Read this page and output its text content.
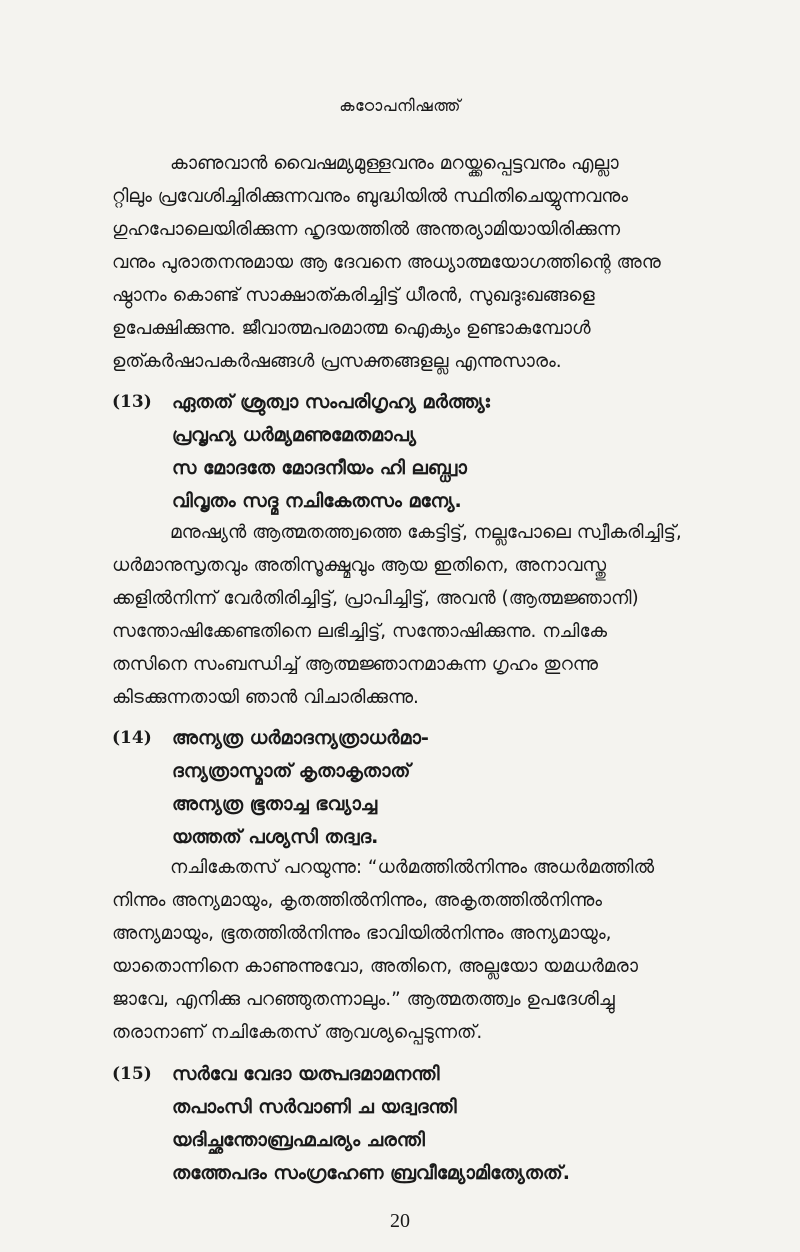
കഠോപനിഷത്ത്
കാണുവാൻ വൈഷമ്യമുള്ളവനും മറയ്ക്കപ്പെട്ടവനും എല്ലാ
റ്റിലും പ്രവേശിച്ചിരിക്കുന്നവനും ബുദ്ധിയിൽ സ്ഥിതിചെയ്യുന്നവനും
ഗുഹപോലെയിരിക്കുന്ന ഹൃദയത്തിൽ അന്തര്യാമിയായിരിക്കുന്ന
വനും പുരാതനനുമായ ആ ദേവനെ അധ്യാത്മയോഗത്തിന്റെ അനു
ഷ്ഠാനം കൊണ്ട് സാക്ഷാത്കരിച്ചിട്ട് ധീരൻ, സുഖദുഃഖങ്ങളെ
ഉപേക്ഷിക്കുന്നു. ജീവാത്മപരമാത്മ ഐക്യം ഉണ്ടാകുമ്പോൾ
ഉത്കർഷാപകർഷങ്ങൾ പ്രസക്തങ്ങളല്ല എന്നുസാരം.
(13)	ഏതത് ശ്രുത്വാ സംപരിഗൃഹ്യ മർത്ത്യഃ
പ്രവൃഹ്യ ധർമ്യമണുമേതമാപ്യ
സ മോദതേ മോദനീയം ഹി ലബ്ധ്വാ
വിവൃതം സദ്മ നചികേതസം മന്യേ.
മനുഷ്യൻ ആത്മതത്ത്വത്തെ കേട്ടിട്ട്, നല്ലപോലെ സ്വീകരിച്ചിട്ട്,
ധർമാനുസൃതവും അതിസൂക്ഷ്മവും ആയ ഇതിനെ, അനാവസ്തു
ക്കളിൽനിന്ന് വേർതിരിച്ചിട്ട്, പ്രാപിച്ചിട്ട്, അവൻ (ആത്മജ്ഞാനി)
സന്തോഷിക്കേണ്ടതിനെ ലഭിച്ചിട്ട്, സന്തോഷിക്കുന്നു. നചികേ
തസിനെ സംബന്ധിച്ച് ആത്മജ്ഞാനമാകുന്ന ഗൃഹം തുറന്നു
കിടക്കുന്നതായി ഞാൻ വിചാരിക്കുന്നു.
(14)	അന്യത്ര ധർമാദന്യത്രാധർമാ-
ദന്യത്രാസ്മാത് കൃതാകൃതാത്
അന്യത്ര ഭൂതാച്ച ഭവ്യാച്ച
യത്തത് പശ്യസി തദ്വദ.
നചികേതസ് പറയുന്നു: “ധർമത്തിൽനിന്നും അധർമത്തിൽ
നിന്നും അന്യമായും, കൃതത്തിൽനിന്നും, അകൃതത്തിൽനിന്നും
അന്യമായും, ഭൂതത്തിൽനിന്നും ഭാവിയിൽനിന്നും അന്യമായും,
യാതൊന്നിനെ കാണുന്നുവോ, അതിനെ, അല്ലയോ യമധർമരാ
ജാവേ, എനിക്കു പറഞ്ഞുതന്നാലും.” ആത്മതത്ത്വം ഉപദേശിച്ചു
തരാനാണ് നചികേതസ് ആവശ്യപ്പെടുന്നത്.
(15)	സർവേ വേദാ യത്പദമാമനന്തി
തപാംസി സർവാണി ച യദ്വദന്തി
യദിച്ഛന്തോബ്രഹ്മചര്യം ചരന്തി
തത്തേപദം സംഗ്രഹേണ ബ്രവീമ്യോമിത്യേതത്.
20
